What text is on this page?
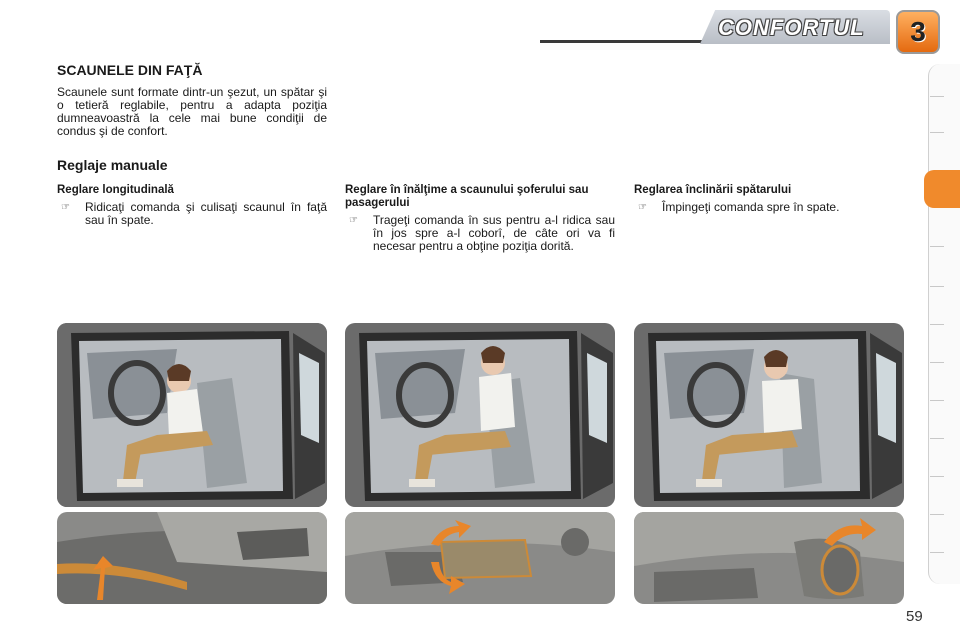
CONFORTUL	3
SCAUNELE DIN FAŢĂ
Scaunele sunt formate dintr-un şezut, un spătar şi o tetieră reglabile, pentru a adapta poziţia dumneavoastră la cele mai bune condiţii de condus şi de confort.
Reglaje manuale
Reglare longitudinală
☞	Ridicaţi comanda şi culisaţi scaunul în faţă sau în spate.
Reglare în înălţime a scaunului şoferului sau pasagerului
☞	Trageţi comanda în sus pentru a-l ridica sau în jos spre a-l coborî, de câte ori va fi necesar pentru a obţine poziţia dorită.
Reglarea înclinării spătarului
☞	Împingeţi comanda spre în spate.
59
